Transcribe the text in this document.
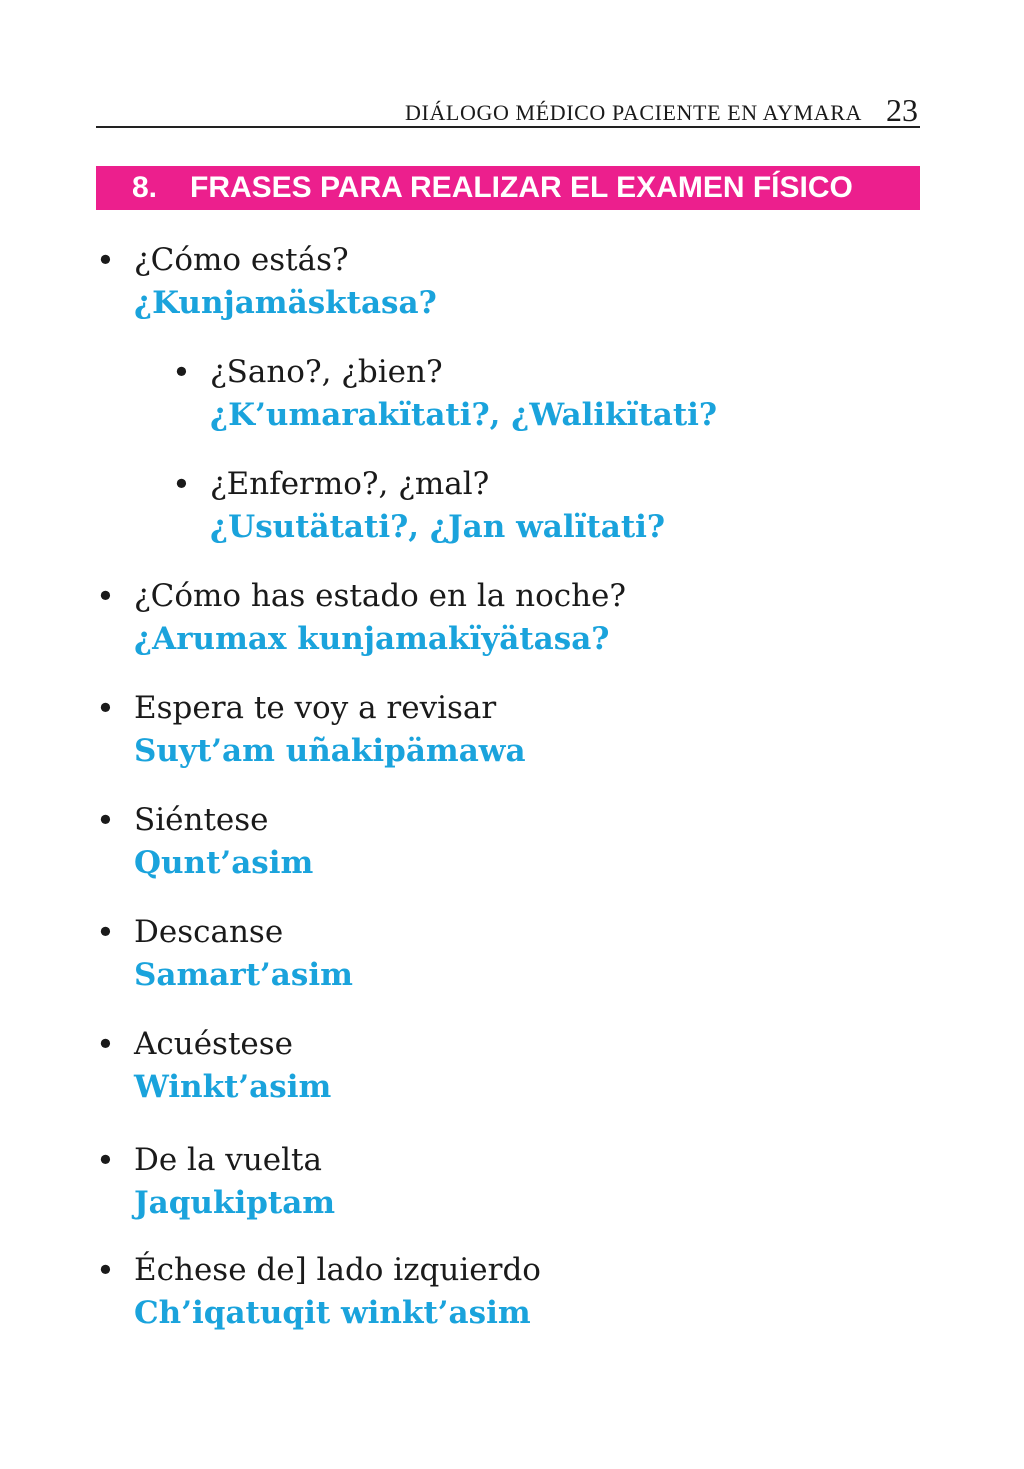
DIÁLOGO MÉDICO PACIENTE EN AYMARA 23
8. FRASES PARA REALIZAR EL EXAMEN FÍSICO
• ¿Cómo estás?
¿Kunjamäsktasa?
• ¿Sano?, ¿bien?
¿K’umarakïtati?, ¿Walikïtati?
• ¿Enfermo?, ¿mal?
¿Usutätati?, ¿Jan walïtati?
• ¿Cómo has estado en la noche?
¿Arumax kunjamakïyätasa?
• Espera te voy a revisar
Suyt’am uñakipämawa
• Siéntese
Qunt’asim
• Descanse
Samart’asim
• Acuéstese
Winkt’asim
• De la vuelta
Jaqukiptam
• Échese de] lado izquierdo
Ch’iqatuqit winkt’asim
